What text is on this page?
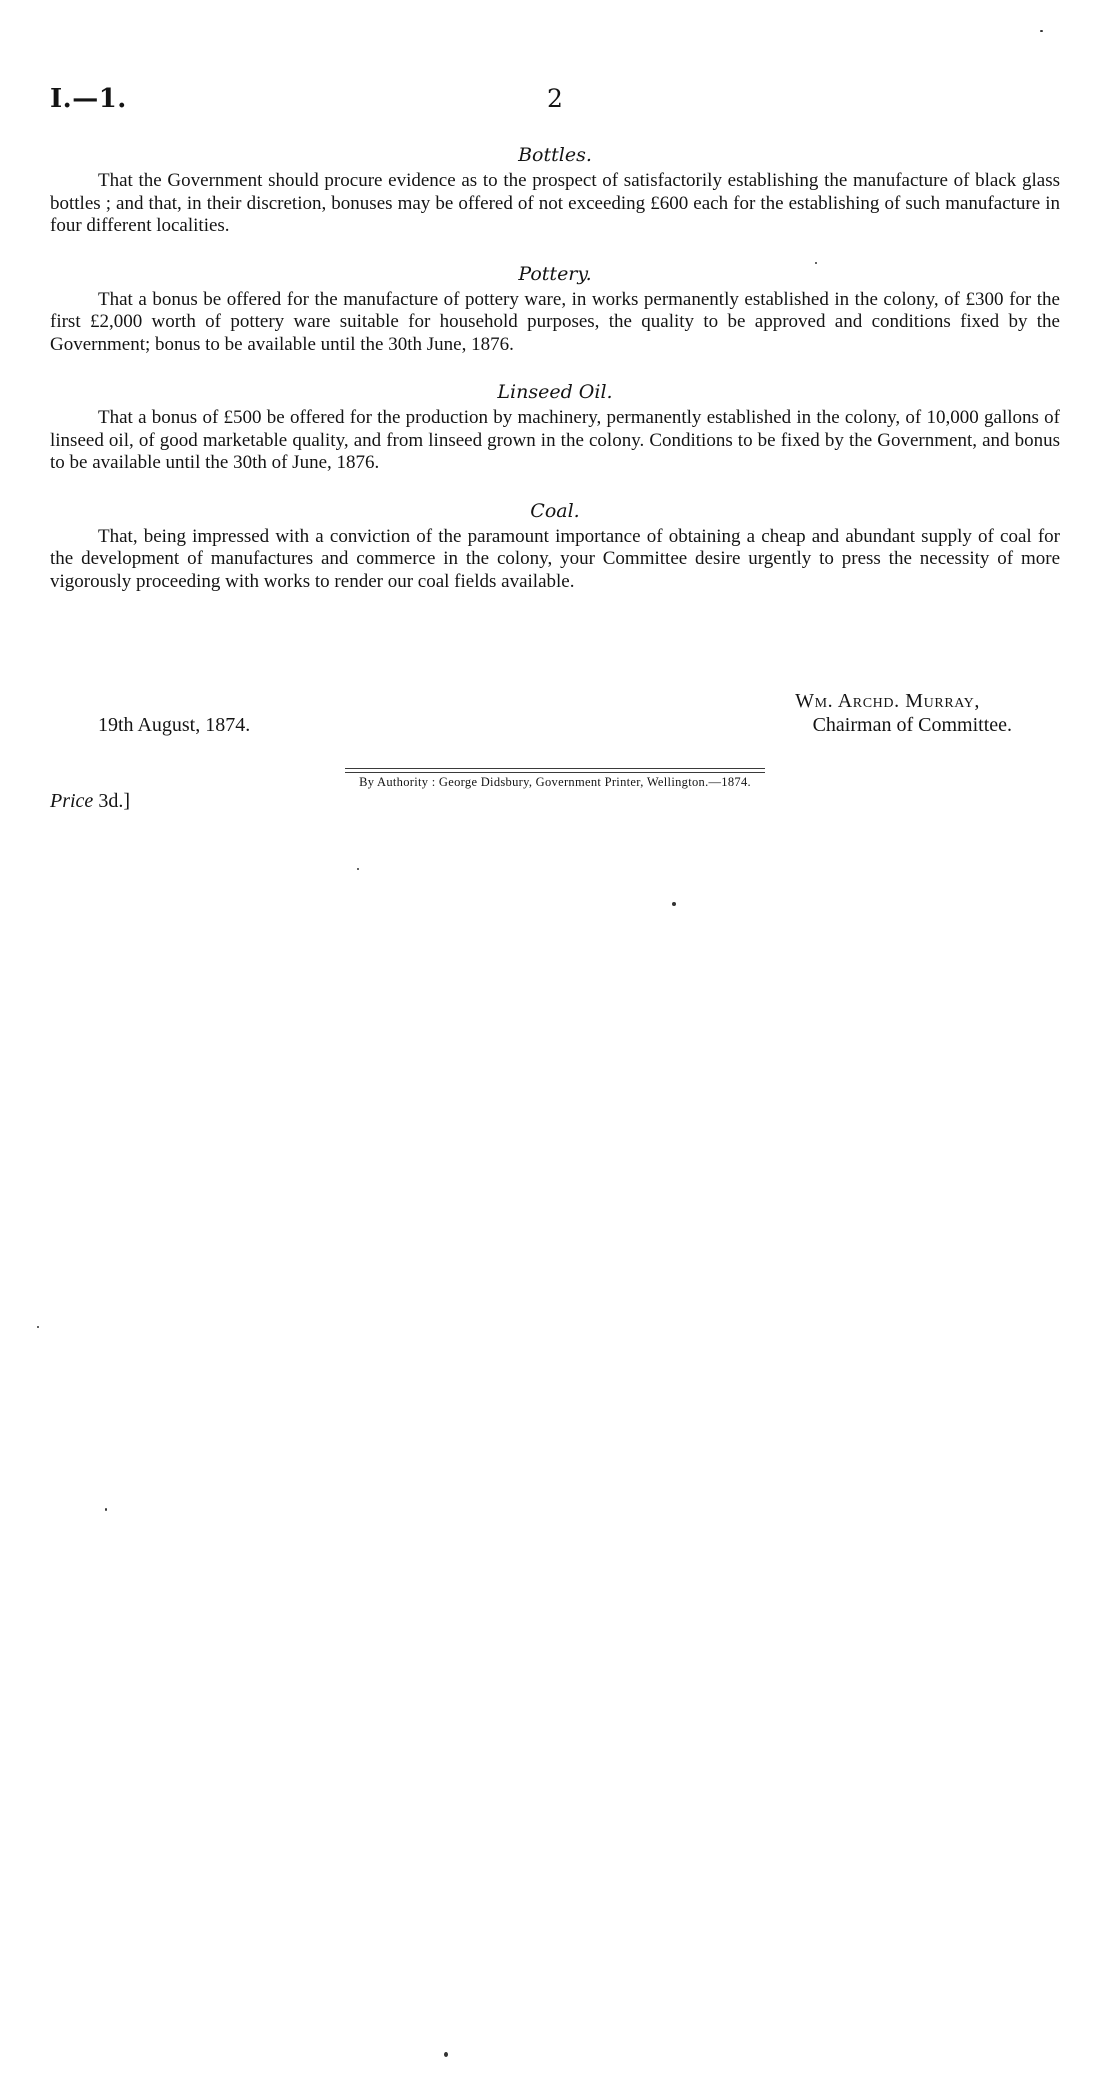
I.—1.	2
Bottles.

That the Government should procure evidence as to the prospect of satisfactorily establishing the manufacture of black glass bottles ; and that, in their discretion, bonuses may be offered of not exceeding £600 each for the establishing of such manufacture in four different localities.

Pottery.

That a bonus be offered for the manufacture of pottery ware, in works permanently established in the colony, of £300 for the first £2,000 worth of pottery ware suitable for household purposes, the quality to be approved and conditions fixed by the Government; bonus to be available until the 30th June, 1876.

Linseed Oil.

That a bonus of £500 be offered for the production by machinery, permanently established in the colony, of 10,000 gallons of linseed oil, of good marketable quality, and from linseed grown in the colony. Conditions to be fixed by the Government, and bonus to be available until the 30th of June, 1876.

Coal.

That, being impressed with a conviction of the paramount importance of obtaining a cheap and abundant supply of coal for the development of manufactures and commerce in the colony, your Committee desire urgently to press the necessity of more vigorously proceeding with works to render our coal fields available.

Wm. Archd. Murray,
19th August, 1874.	Chairman of Committee.
By Authority : George Didsbury, Government Printer, Wellington.—1874.
Price 3d.]
